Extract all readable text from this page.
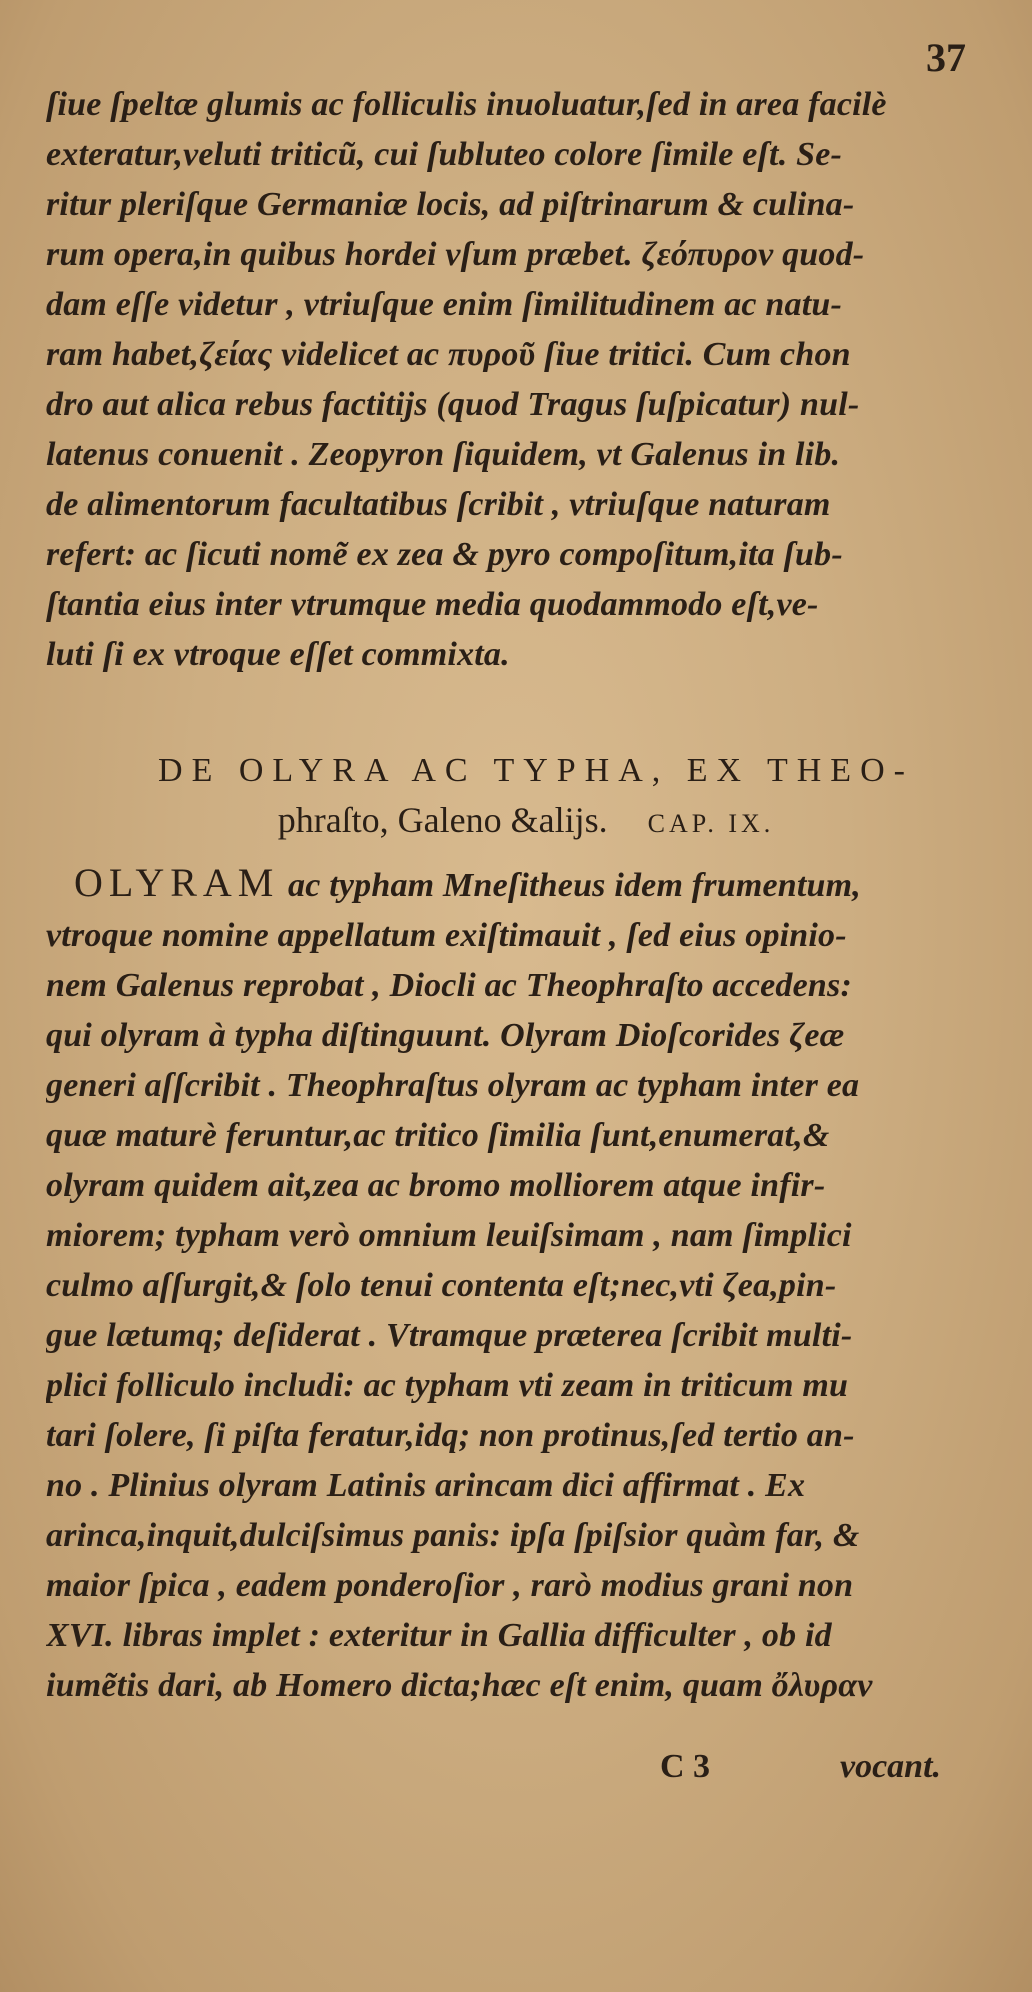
37
ſiue ſpeltæ glumis ac folliculis inuoluatur,ſed in area facilè
exteratur,veluti triticũ, cui ſubluteo colore ſimile eſt. Se-
ritur pleriſque Germaniæ locis, ad piſtrinarum & culina-
rum opera,in quibus hordei vſum præbet. ζεόπυρον quod-
dam eſſe videtur , vtriuſque enim ſimilitudinem ac natu-
ram habet,ζείας videlicet ac πυροῦ ſiue tritici. Cum chon
dro aut alica rebus factitijs (quod Tragus ſuſpicatur) nul-
latenus conuenit . Zeopyron ſiquidem, vt Galenus in lib.
de alimentorum facultatibus ſcribit , vtriuſque naturam
refert: ac ſicuti nomẽ ex zea & pyro compoſitum,ita ſub-
ſtantia eius inter vtrumque media quodammodo eſt,ve-
luti ſi ex vtroque eſſet commixta.
DE OLYRA AC TYPHA, EX THEO-
phraſto, Galeno &alijs. CAP. IX.
OLYRAM ac typham Mneſitheus idem frumentum,
vtroque nomine appellatum exiſtimauit , ſed eius opinio-
nem Galenus reprobat , Diocli ac Theophraſto accedens:
qui olyram à typha diſtinguunt. Olyram Dioſcorides ζeæ
generi aſſcribit . Theophraſtus olyram ac typham inter ea
quæ maturè feruntur,ac tritico ſimilia ſunt,enumerat,&
olyram quidem ait,zea ac bromo molliorem atque infir-
miorem; typham verò omnium leuiſsimam , nam ſimplici
culmo aſſurgit,& ſolo tenui contenta eſt;nec,vti ζea,pin-
gue lætumq; deſiderat . Vtramque præterea ſcribit multi-
plici folliculo includi: ac typham vti zeam in triticum mu
tari ſolere, ſi piſta feratur,idq; non protinus,ſed tertio an-
no . Plinius olyram Latinis arincam dici affirmat . Ex
arinca,inquit,dulciſsimus panis: ipſa ſpiſsior quàm far, &
maior ſpica , eadem ponderoſior , rarò modius grani non
XVI. libras implet : exteritur in Gallia difficulter , ob id
iumẽtis dari, ab Homero dicta;hæc eſt enim, quam ὄλυραν
C 3	vocant.
